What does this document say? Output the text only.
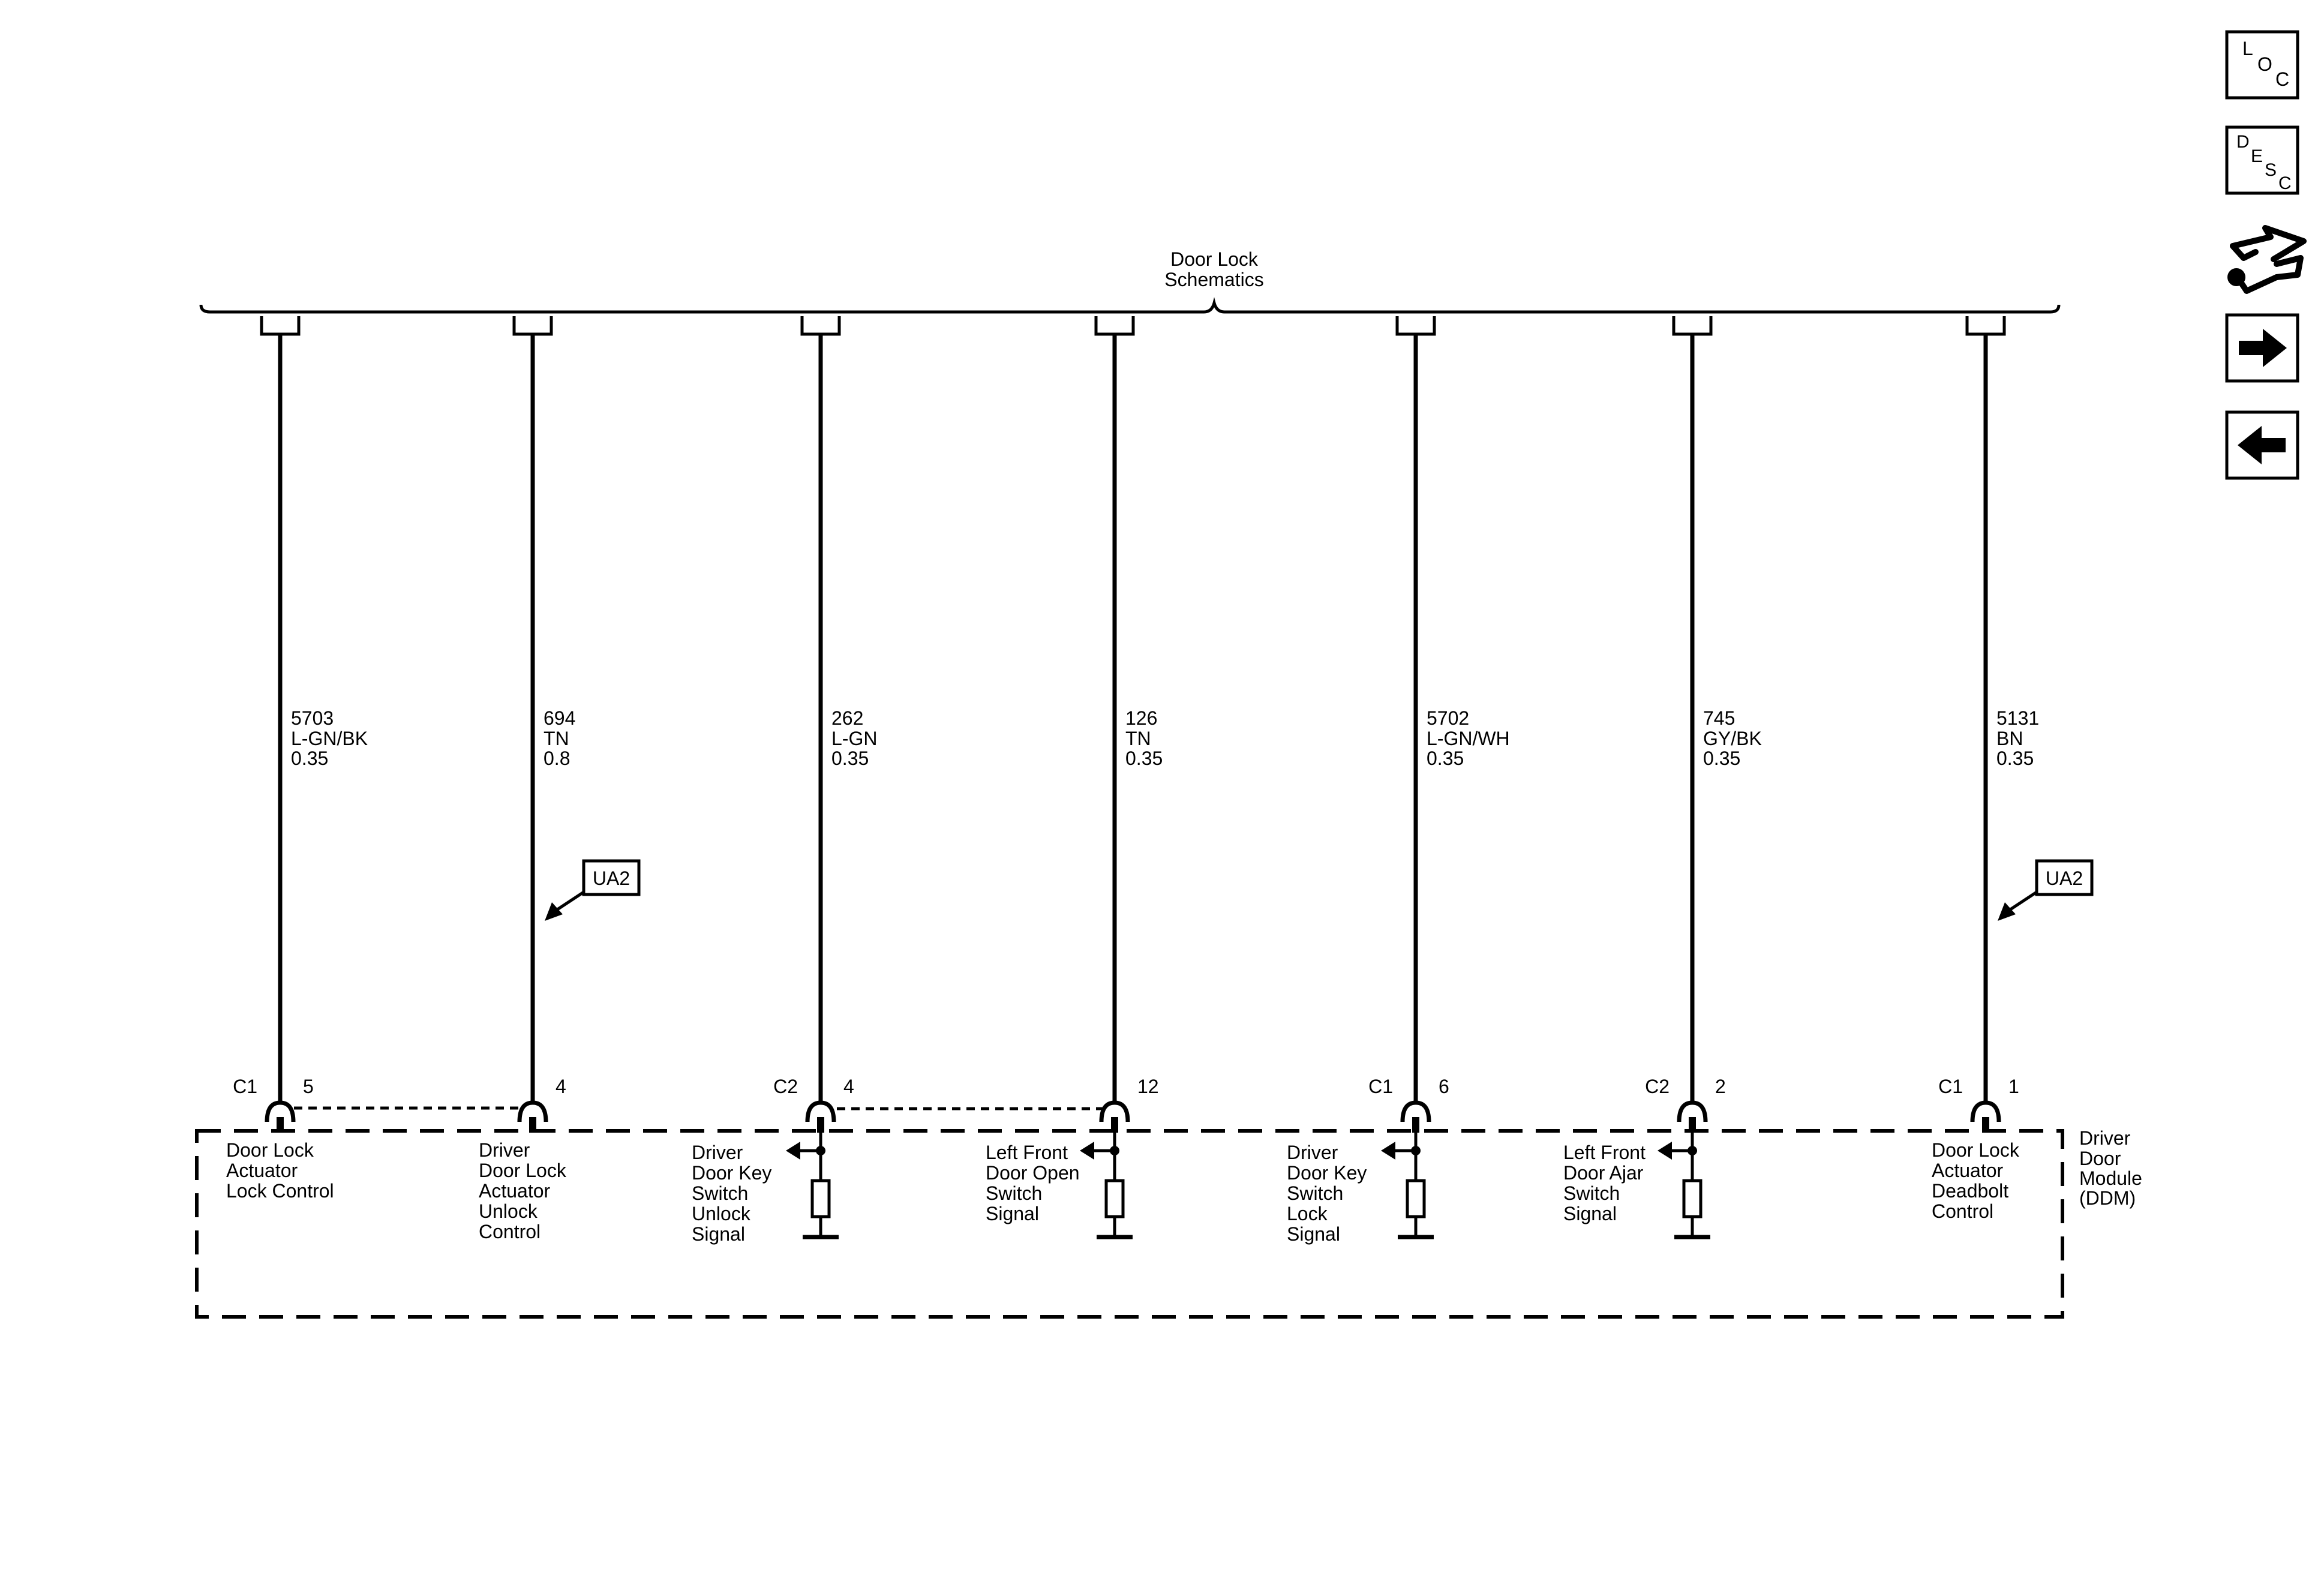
Door Lock
Schematics
Driver
Door
Module
(DDM)
5703
L-GN/BK
0.35
C1 5
Door Lock
Actuator
Lock Control
694
TN
0.8
UA2
4
Driver
Door Lock
Actuator
Unlock
Control
262
L-GN
0.35
C2 4
Driver
Door Key
Switch
Unlock
Signal
126
TN
0.35
12
Left Front
Door Open
Switch
Signal
5702
L-GN/WH
0.35
C1 6
Driver
Door Key
Switch
Lock
Signal
745
GY/BK
0.35
C2 2
Left Front
Door Ajar
Switch
Signal
5131
BN
0.35
UA2
C1 1
Door Lock
Actuator
Deadbolt
Control
L
O
C
D
E
S
C
